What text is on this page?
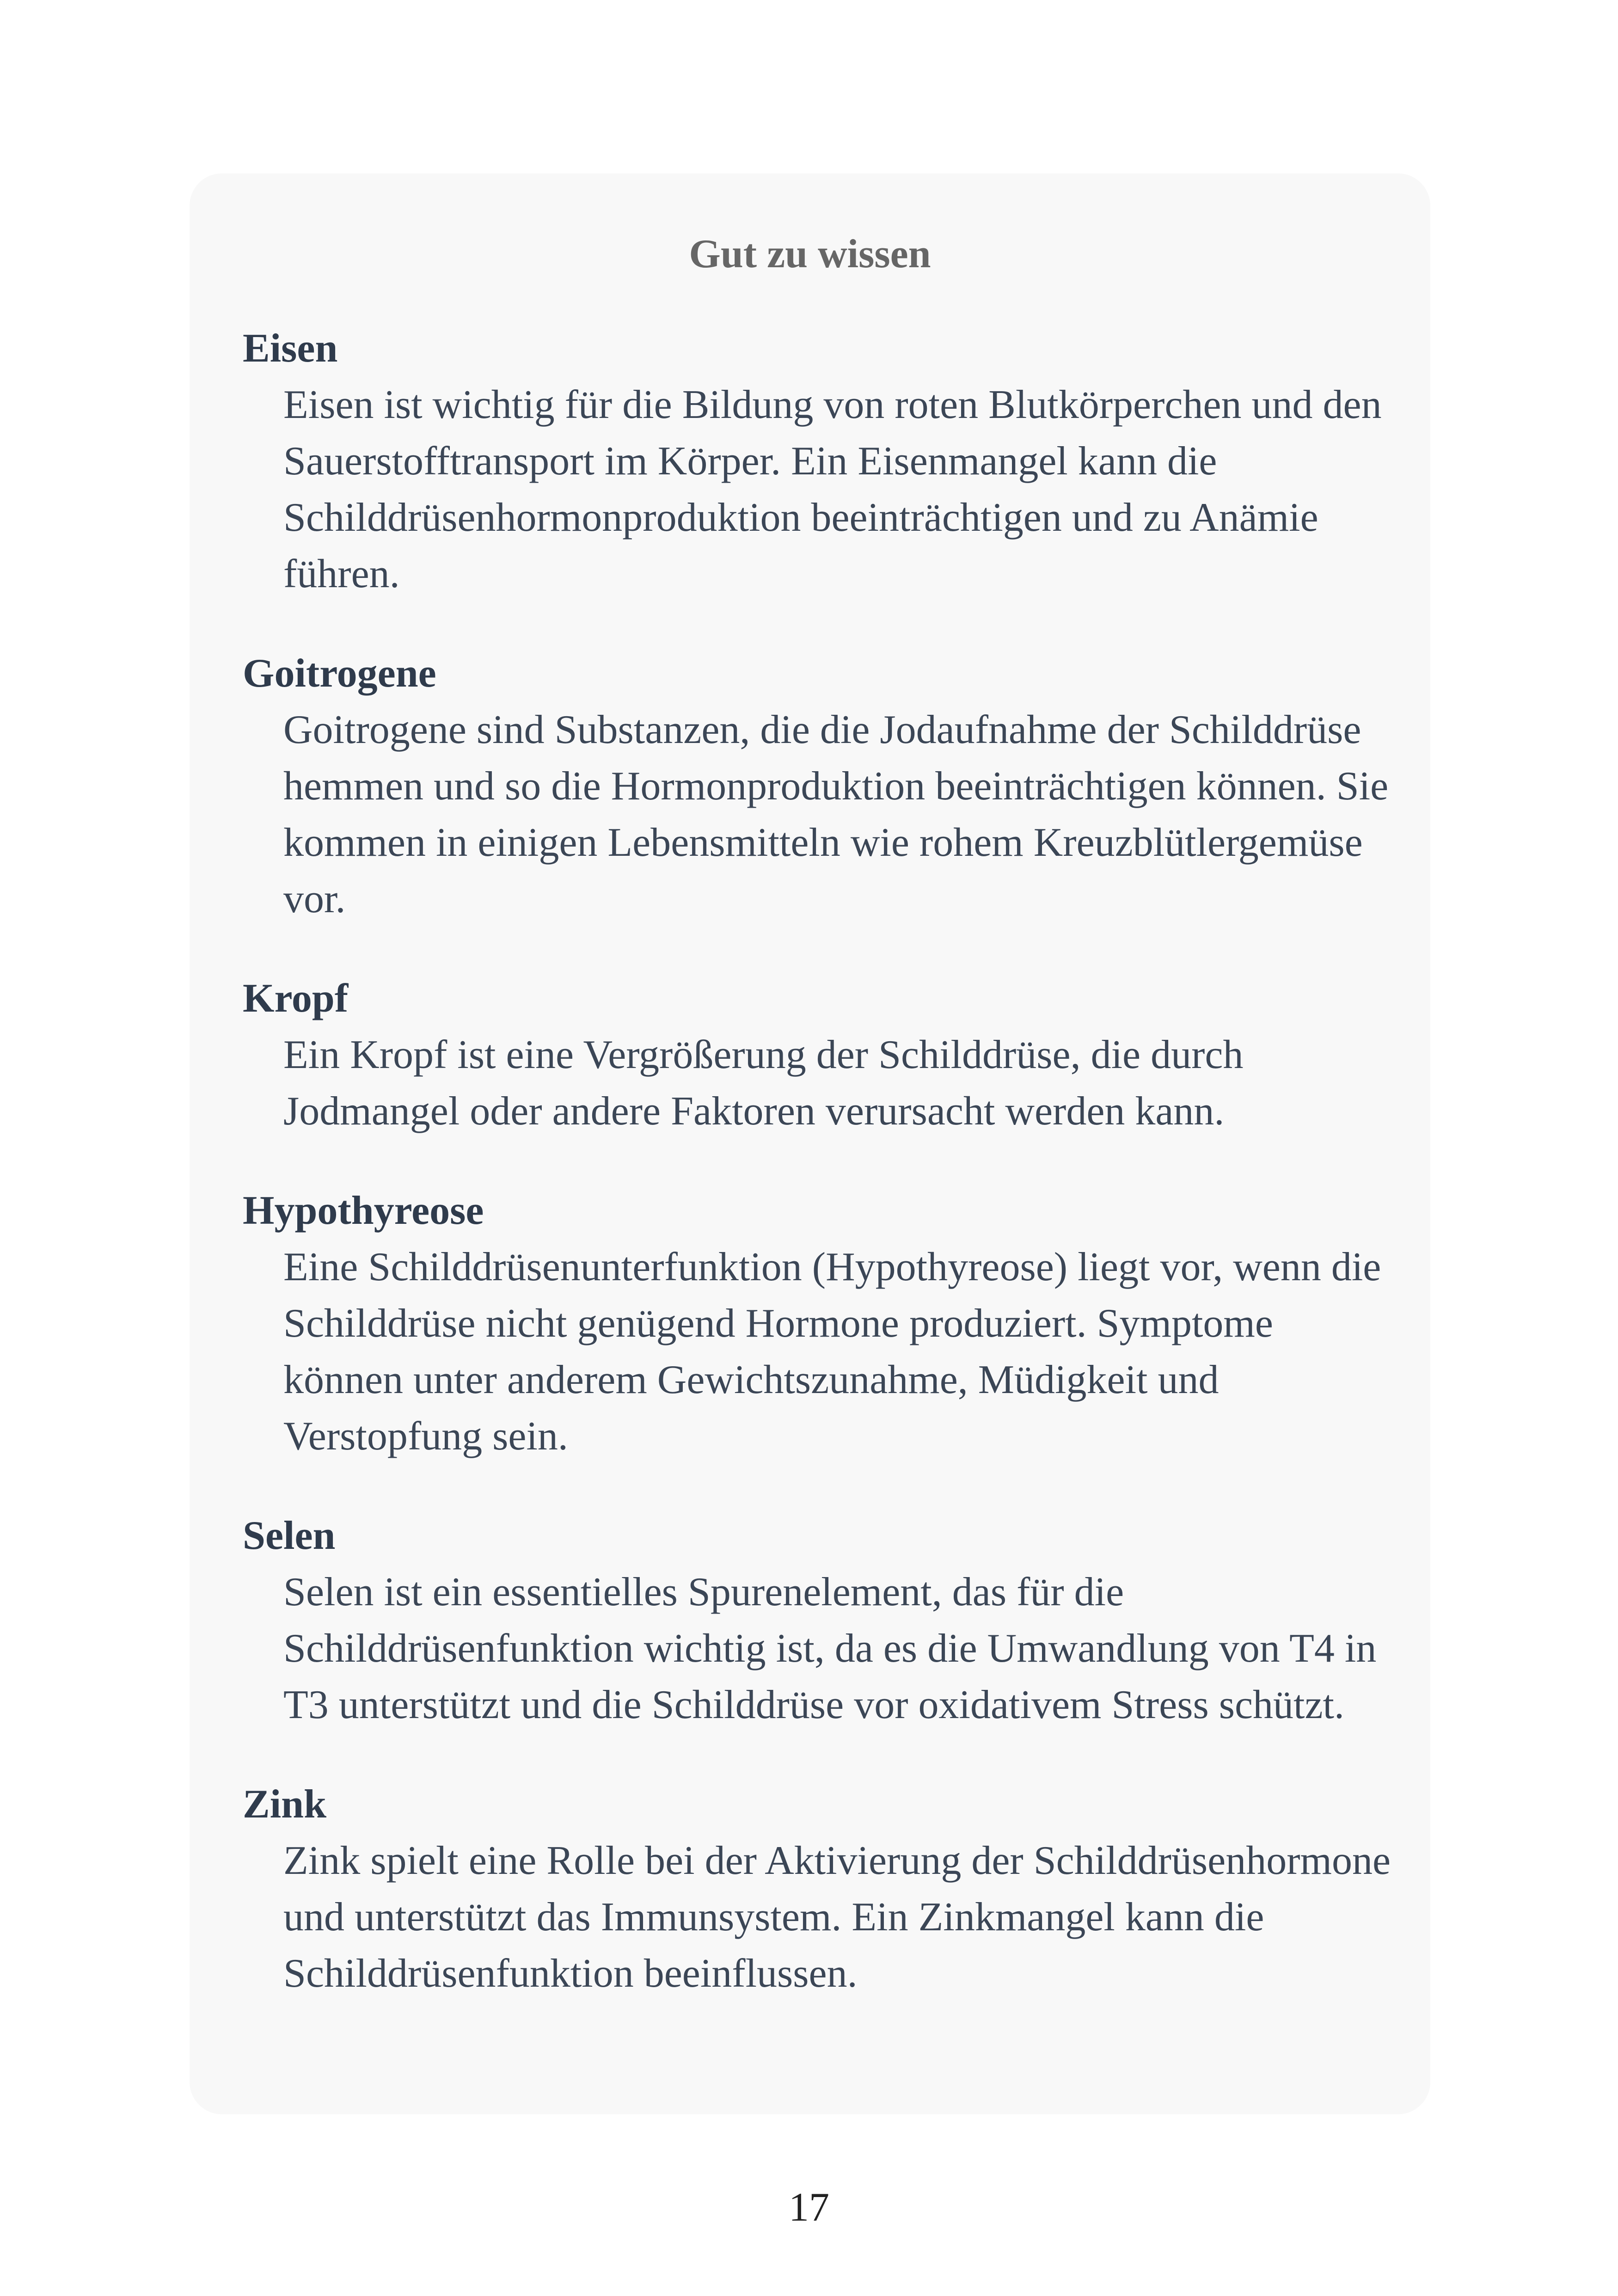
Gut zu wissen
Eisen
Eisen ist wichtig für die Bildung von roten Blutkörperchen und den Sauerstofftransport im Körper. Ein Eisenmangel kann die Schilddrüsenhormonproduktion beeinträchtigen und zu Anämie führen.
Goitrogene
Goitrogene sind Substanzen, die die Jodaufnahme der Schilddrüse hemmen und so die Hormonproduktion beeinträchtigen können. Sie kommen in einigen Lebensmitteln wie rohem Kreuzblütlergemüse vor.
Kropf
Ein Kropf ist eine Vergrößerung der Schilddrüse, die durch Jodmangel oder andere Faktoren verursacht werden kann.
Hypothyreose
Eine Schilddrüsenunterfunktion (Hypothyreose) liegt vor, wenn die Schilddrüse nicht genügend Hormone produziert. Symptome können unter anderem Gewichtszunahme, Müdigkeit und Verstopfung sein.
Selen
Selen ist ein essentielles Spurenelement, das für die Schilddrüsenfunktion wichtig ist, da es die Umwandlung von T4 in T3 unterstützt und die Schilddrüse vor oxidativem Stress schützt.
Zink
Zink spielt eine Rolle bei der Aktivierung der Schilddrüsenhormone und unterstützt das Immunsystem. Ein Zinkmangel kann die Schilddrüsenfunktion beeinflussen.
17
